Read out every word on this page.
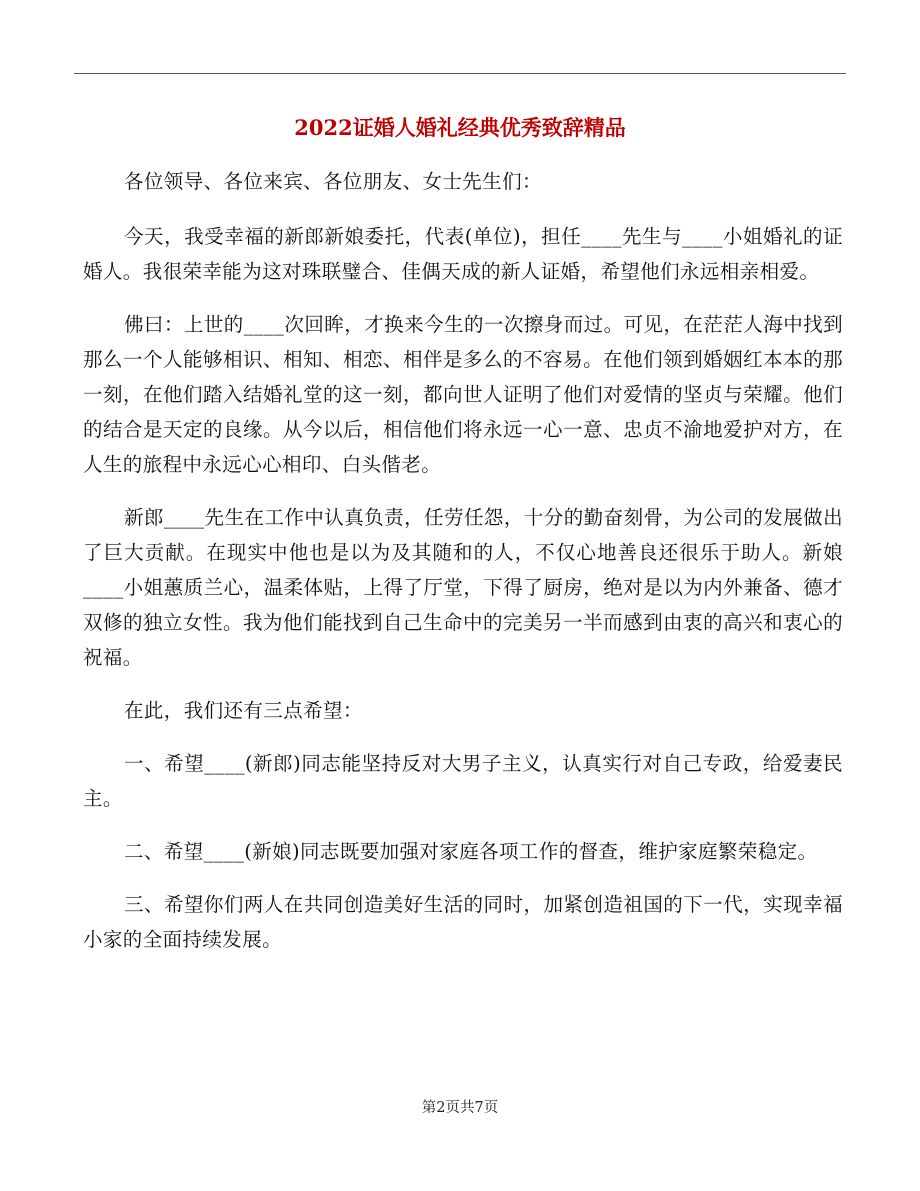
2022证婚人婚礼经典优秀致辞精品

各位领导、各位来宾、各位朋友、女士先生们：

今天，我受幸福的新郎新娘委托，代表(单位)，担任____先生与____小姐婚礼的证婚人。我很荣幸能为这对珠联璧合、佳偶天成的新人证婚，希望他们永远相亲相爱。

佛曰：上世的____次回眸，才换来今生的一次擦身而过。可见，在茫茫人海中找到那么一个人能够相识、相知、相恋、相伴是多么的不容易。在他们领到婚姻红本本的那一刻，在他们踏入结婚礼堂的这一刻，都向世人证明了他们对爱情的坚贞与荣耀。他们的结合是天定的良缘。从今以后，相信他们将永远一心一意、忠贞不渝地爱护对方，在人生的旅程中永远心心相印、白头偕老。

新郎____先生在工作中认真负责，任劳任怨，十分的勤奋刻骨，为公司的发展做出了巨大贡献。在现实中他也是以为及其随和的人，不仅心地善良还很乐于助人。新娘____小姐蕙质兰心，温柔体贴，上得了厅堂，下得了厨房，绝对是以为内外兼备、德才双修的独立女性。我为他们能找到自己生命中的完美另一半而感到由衷的高兴和衷心的祝福。

在此，我们还有三点希望：

一、希望____(新郎)同志能坚持反对大男子主义，认真实行对自己专政，给爱妻民主。

二、希望____(新娘)同志既要加强对家庭各项工作的督查，维护家庭繁荣稳定。

三、希望你们两人在共同创造美好生活的同时，加紧创造祖国的下一代，实现幸福小家的全面持续发展。

第2页共7页
